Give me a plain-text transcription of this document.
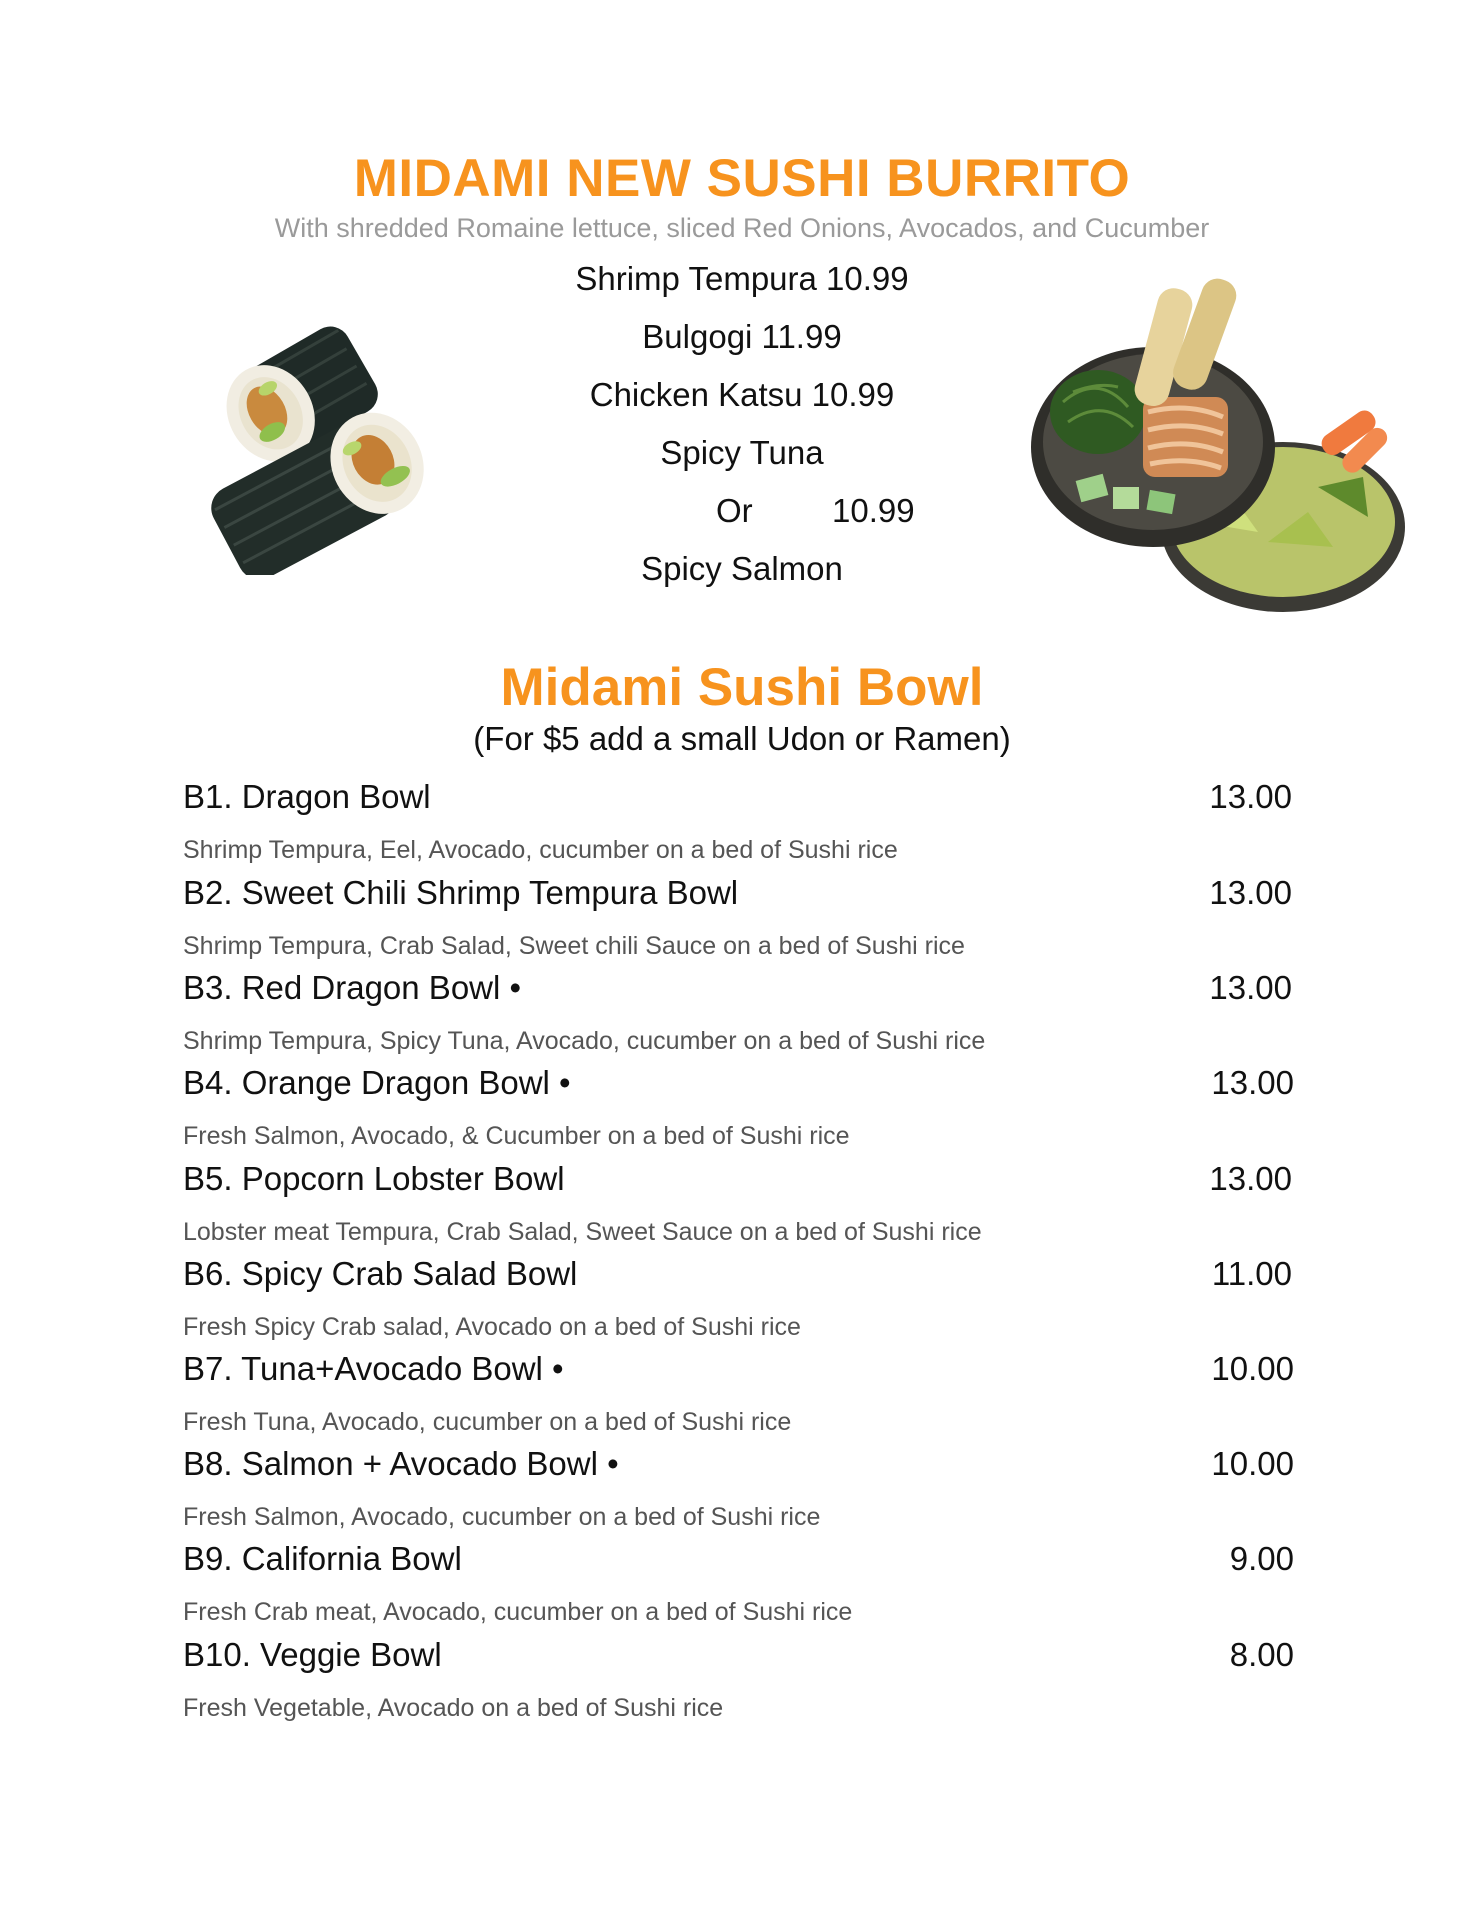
MIDAMI NEW SUSHI BURRITO
With shredded Romaine lettuce, sliced Red Onions, Avocados, and Cucumber
Shrimp Tempura 10.99
Bulgogi 11.99
Chicken Katsu 10.99
Spicy Tuna
Or 10.99
Spicy Salmon
Midami Sushi Bowl
(For $5 add a small Udon or Ramen)
B1. Dragon Bowl	13.00
Shrimp Tempura, Eel, Avocado, cucumber on a bed of Sushi rice
B2. Sweet Chili Shrimp Tempura Bowl	13.00
Shrimp Tempura, Crab Salad, Sweet chili Sauce on a bed of Sushi rice
B3. Red Dragon Bowl •	13.00
Shrimp Tempura, Spicy Tuna, Avocado, cucumber on a bed of Sushi rice
B4. Orange Dragon Bowl •	13.00
Fresh Salmon, Avocado, & Cucumber on a bed of Sushi rice
B5. Popcorn Lobster Bowl	13.00
Lobster meat Tempura, Crab Salad, Sweet Sauce on a bed of Sushi rice
B6. Spicy Crab Salad Bowl	11.00
Fresh Spicy Crab salad, Avocado on a bed of Sushi rice
B7. Tuna+Avocado Bowl •	10.00
Fresh Tuna, Avocado, cucumber on a bed of Sushi rice
B8. Salmon + Avocado Bowl •	10.00
Fresh Salmon, Avocado, cucumber on a bed of Sushi rice
B9. California Bowl	9.00
Fresh Crab meat, Avocado, cucumber on a bed of Sushi rice
B10. Veggie Bowl	8.00
Fresh Vegetable, Avocado on a bed of Sushi rice
